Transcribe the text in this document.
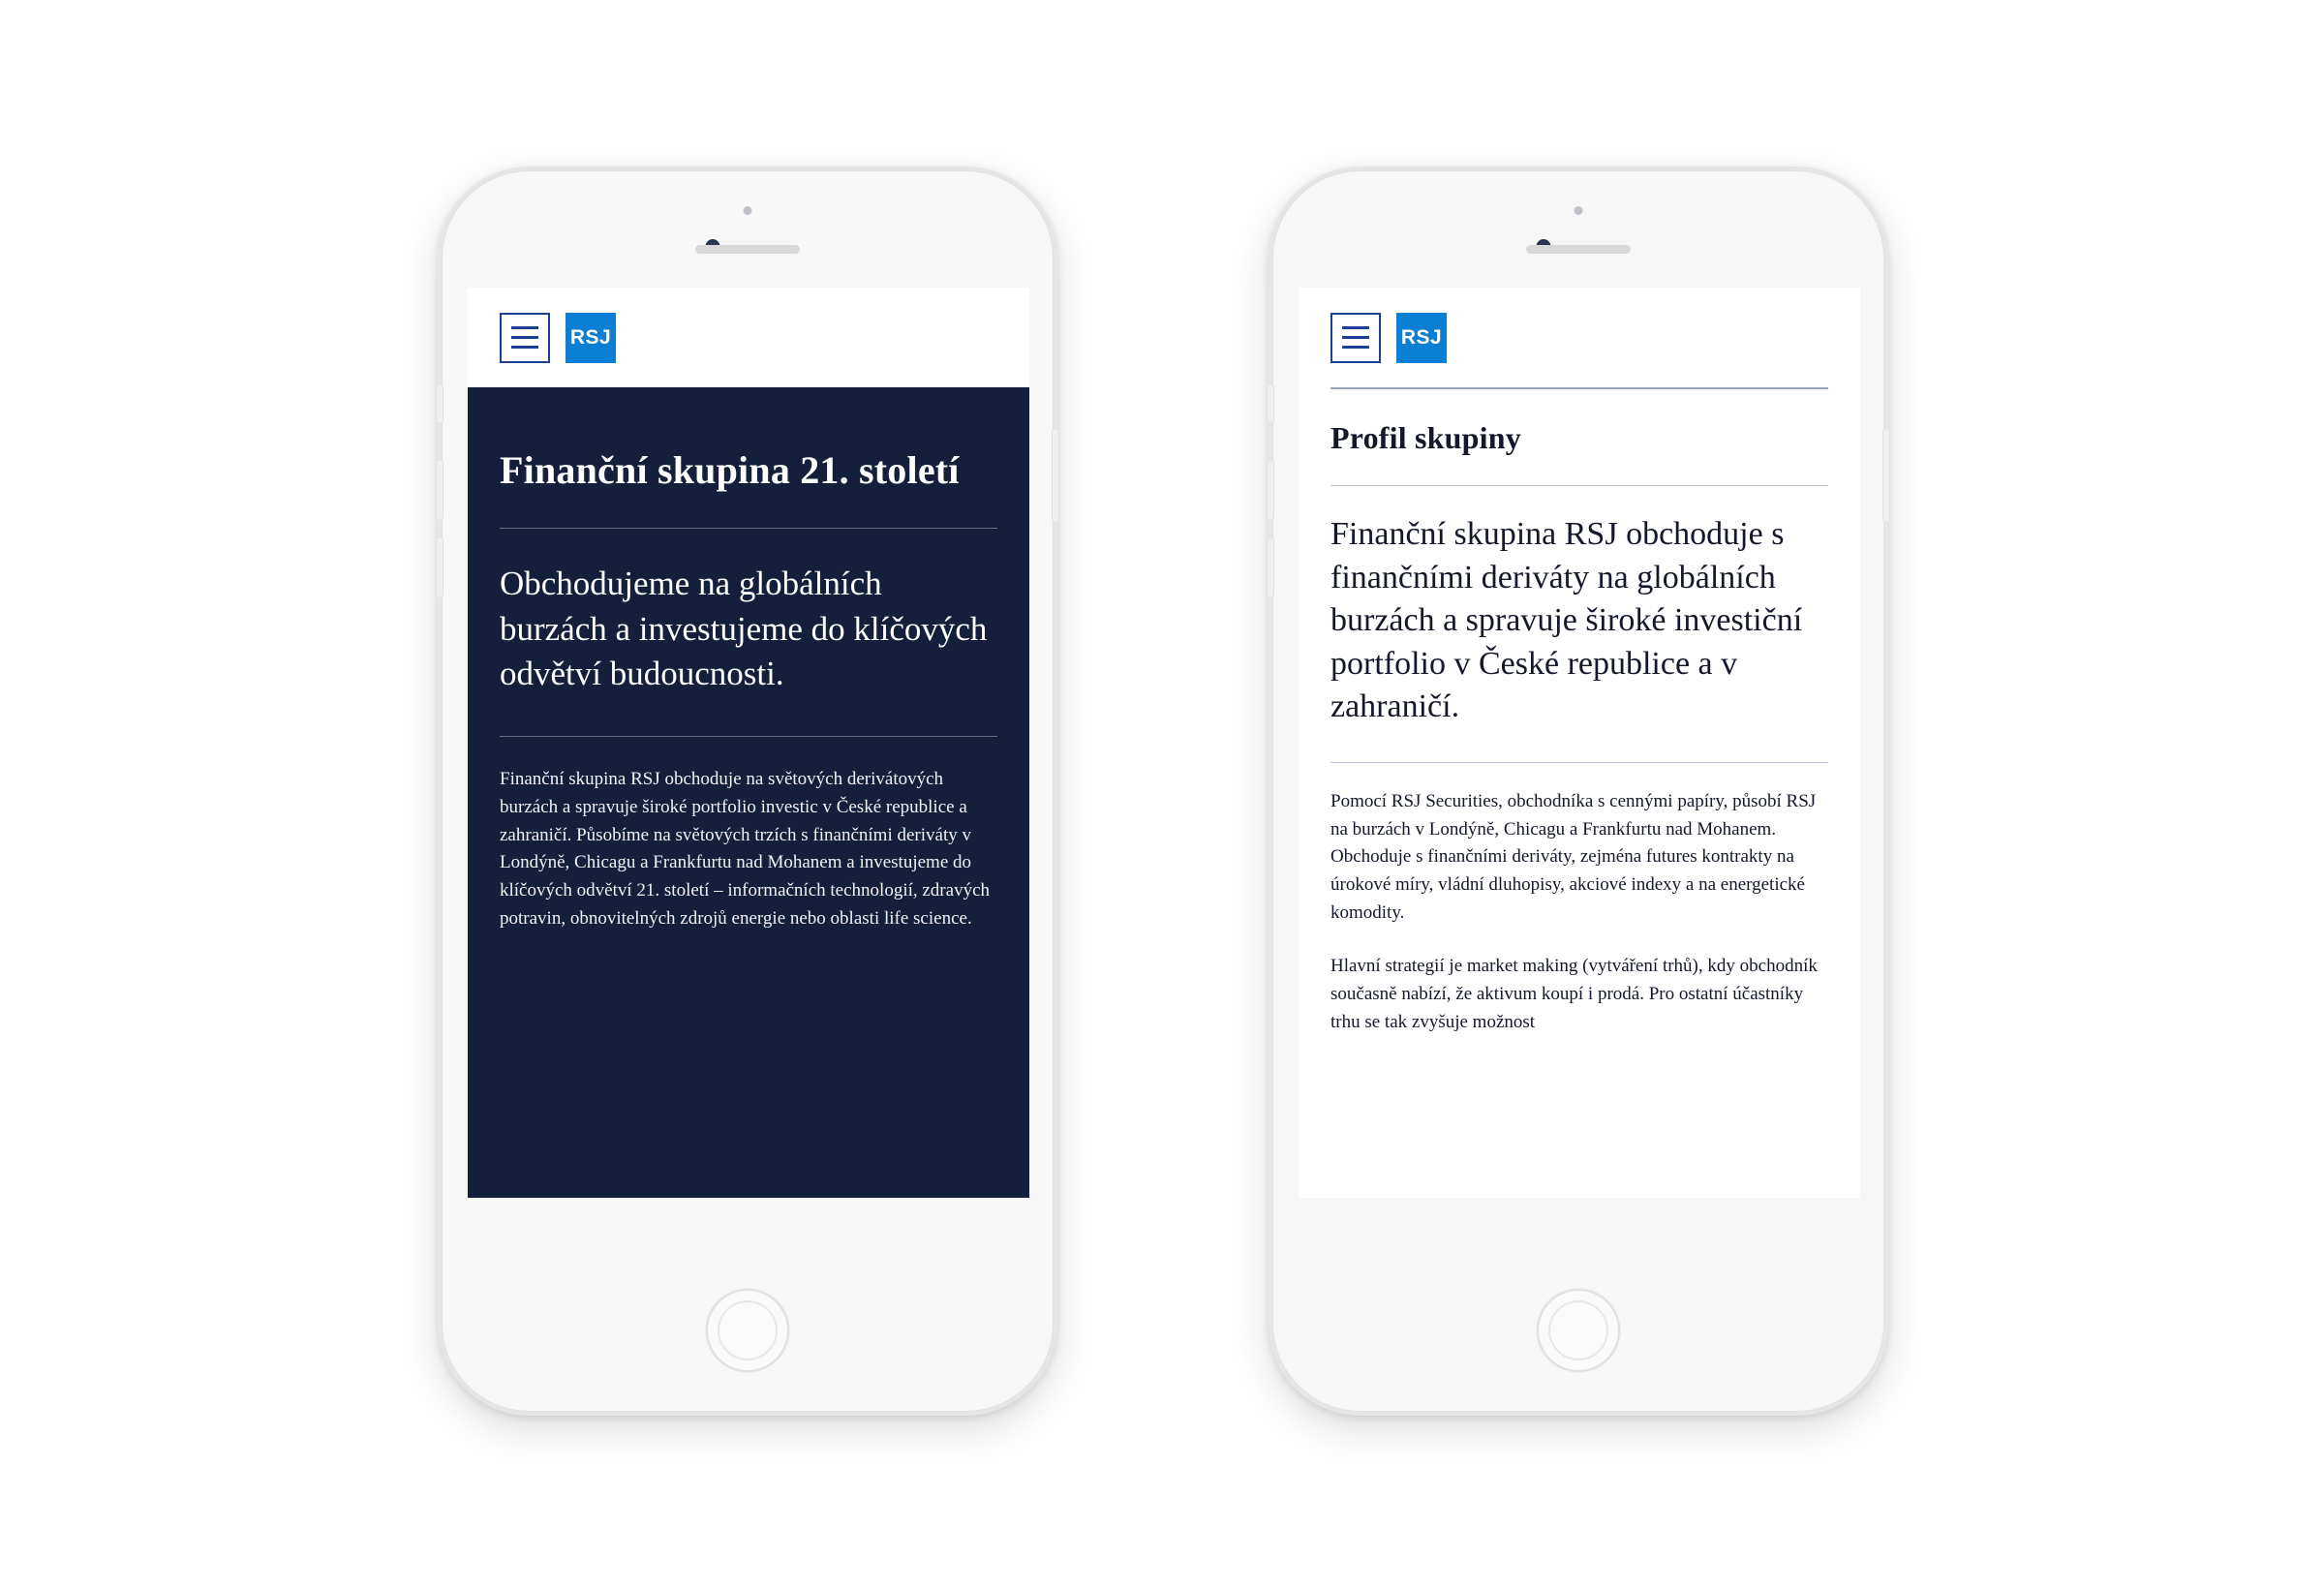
RSJ
Finanční skupina 21. století

Obchodujeme na globálních burzách a investujeme do klíčových odvětví budoucnosti.

Finanční skupina RSJ obchoduje na světových derivátových burzách a spravuje široké portfolio investic v České republice a zahraničí. Působíme na světových trzích s finančními deriváty v Londýně, Chicagu a Frankfurtu nad Mohanem a investujeme do klíčových odvětví 21. století – informačních technologií, zdravých potravin, obnovitelných zdrojů energie nebo oblasti life science.

RSJ
Profil skupiny

Finanční skupina RSJ obchoduje s finančními deriváty na globálních burzách a spravuje široké investiční portfolio v České republice a v zahraničí.

Pomocí RSJ Securities, obchodníka s cennými papíry, působí RSJ na burzách v Londýně, Chicagu a Frankfurtu nad Mohanem. Obchoduje s finančními deriváty, zejména futures kontrakty na úrokové míry, vládní dluhopisy, akciové indexy a na energetické komodity.

Hlavní strategií je market making (vytváření trhů), kdy obchodník současně nabízí, že aktivum koupí i prodá. Pro ostatní účastníky trhu se tak zvyšuje možnost
